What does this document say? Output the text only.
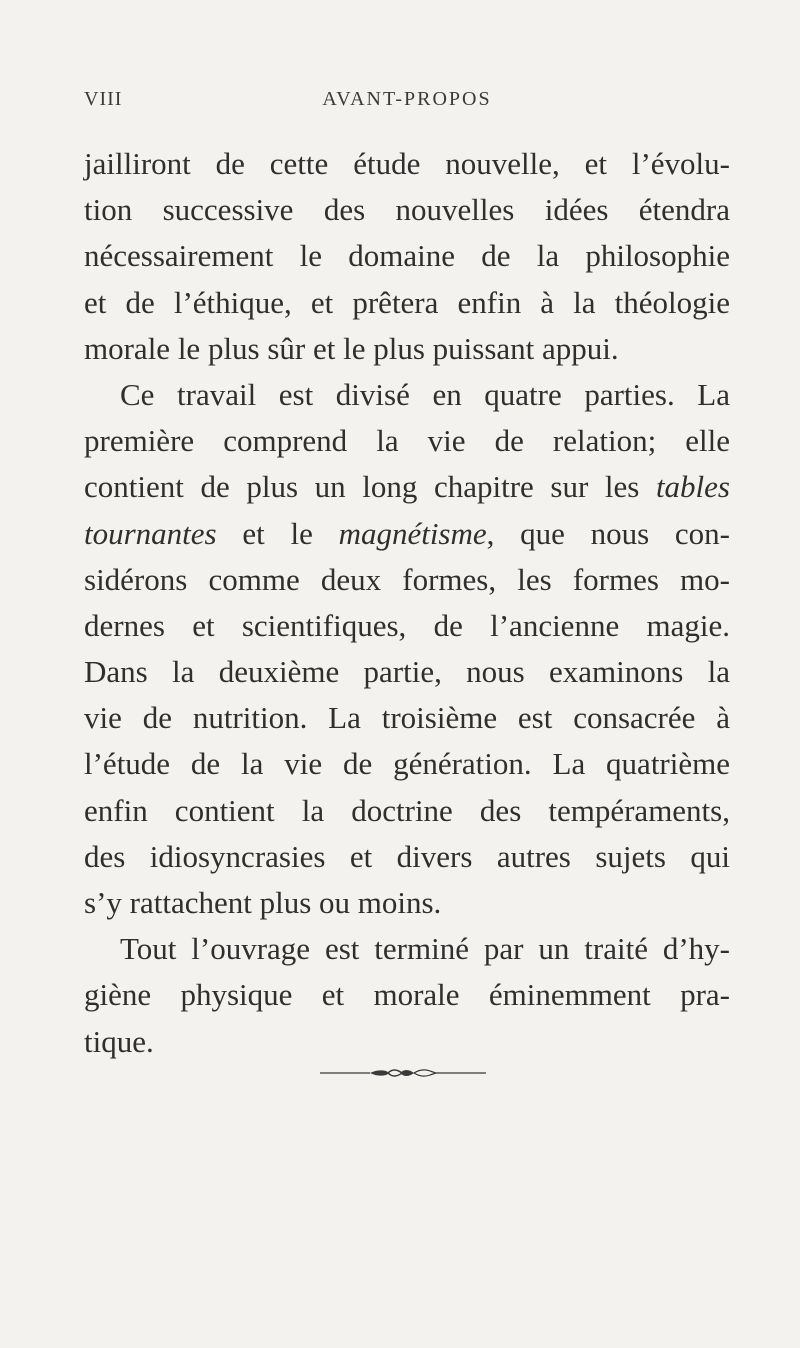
VIII	AVANT-PROPOS
jailliront de cette étude nouvelle, et l’évolu-
tion successive des nouvelles idées étendra
nécessairement le domaine de la philosophie
et de l’éthique, et prêtera enfin à la théologie
morale le plus sûr et le plus puissant appui.
Ce travail est divisé en quatre parties. La
première comprend la vie de relation; elle
contient de plus un long chapitre sur les tables
tournantes et le magnétisme, que nous con-
sidérons comme deux formes, les formes mo-
dernes et scientifiques, de l’ancienne magie.
Dans la deuxième partie, nous examinons la
vie de nutrition. La troisième est consacrée à
l’étude de la vie de génération. La quatrième
enfin contient la doctrine des tempéraments,
des idiosyncrasies et divers autres sujets qui
s’y rattachent plus ou moins.
Tout l’ouvrage est terminé par un traité d’hy-
giène physique et morale éminemment pra-
tique.
